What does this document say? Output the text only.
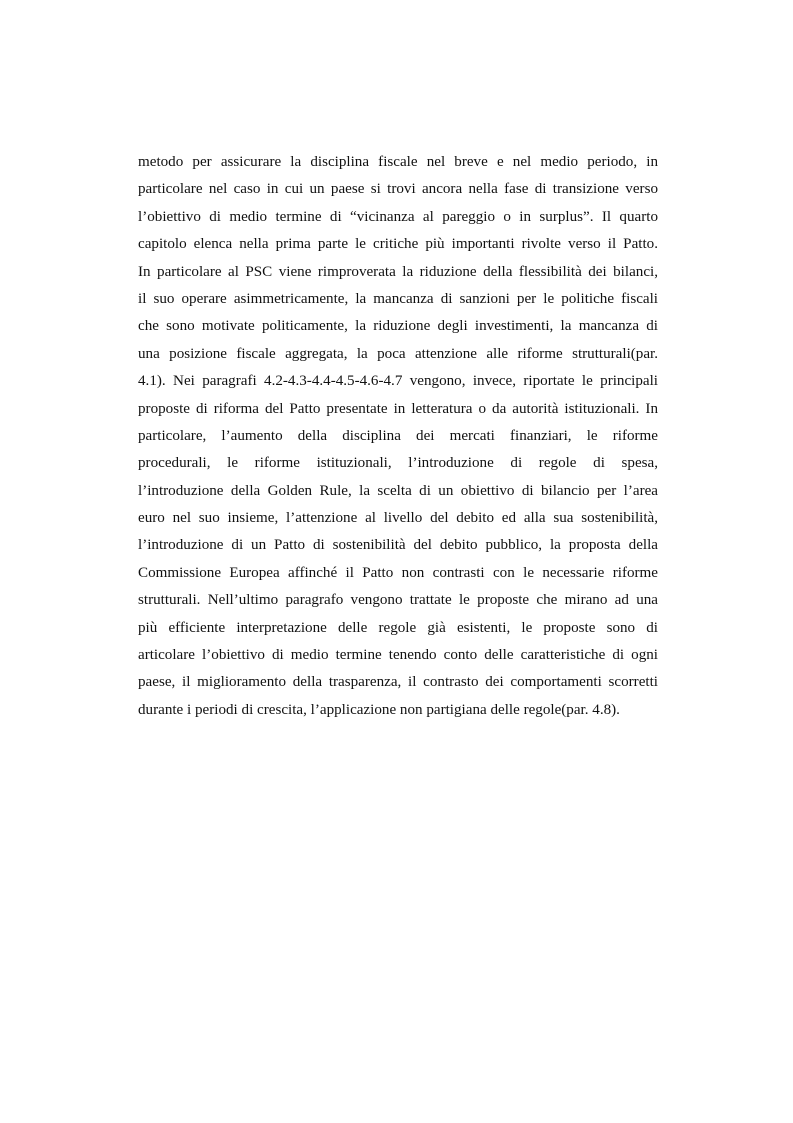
metodo per assicurare la disciplina fiscale nel breve e nel medio periodo, in
particolare nel caso in cui un paese si trovi ancora nella fase di transizione verso
l’obiettivo di medio termine di “vicinanza al pareggio o in surplus”. Il quarto
capitolo elenca nella prima parte le critiche più importanti rivolte verso il Patto.
In particolare al PSC viene rimproverata la riduzione della flessibilità dei bilanci,
il suo operare asimmetricamente, la mancanza di sanzioni per le politiche fiscali
che sono motivate politicamente, la riduzione degli investimenti, la mancanza di
una posizione fiscale aggregata, la poca attenzione alle riforme strutturali(par.
4.1). Nei paragrafi 4.2-4.3-4.4-4.5-4.6-4.7 vengono, invece, riportate le principali
proposte di riforma del Patto presentate in letteratura o da autorità istituzionali. In
particolare, l’aumento della disciplina dei mercati finanziari, le riforme
procedurali, le riforme istituzionali, l’introduzione di regole di spesa,
l’introduzione della Golden Rule, la scelta di un obiettivo di bilancio per l’area
euro nel suo insieme, l’attenzione al livello del debito ed alla sua sostenibilità,
l’introduzione di un Patto di sostenibilità del debito pubblico, la proposta della
Commissione Europea affinché il Patto non contrasti con le necessarie riforme
strutturali. Nell’ultimo paragrafo vengono trattate le proposte che mirano ad una
più efficiente interpretazione delle regole già esistenti, le proposte sono di
articolare l’obiettivo di medio termine tenendo conto delle caratteristiche di ogni
paese, il miglioramento della trasparenza, il contrasto dei comportamenti scorretti
durante i periodi di crescita, l’applicazione non partigiana delle regole(par. 4.8).
